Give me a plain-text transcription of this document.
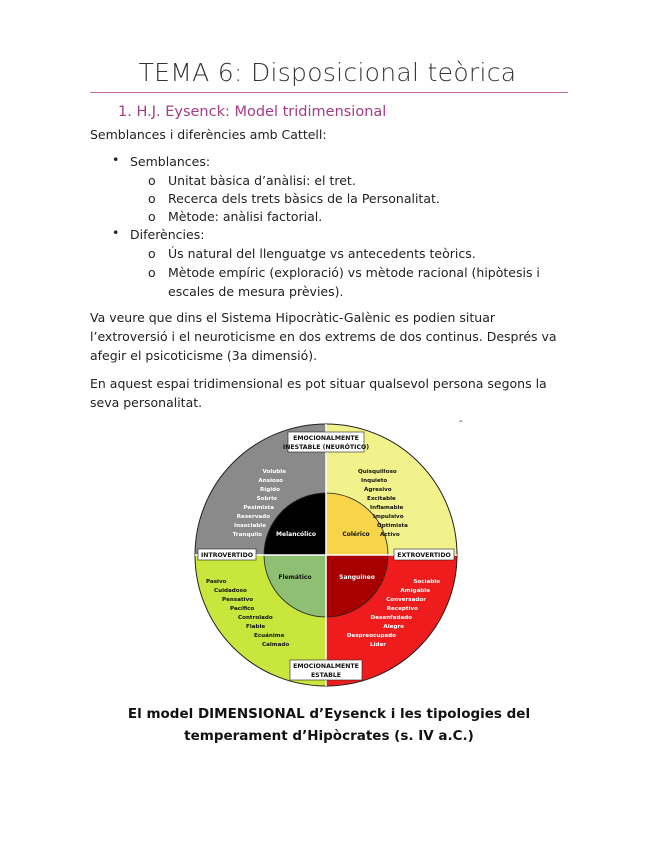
TEMA 6: Disposicional teòrica
1. H.J. Eysenck: Model tridimensional
Semblances i diferències amb Cattell:
• Semblances:
o Unitat bàsica d’anàlisi: el tret.
o Recerca dels trets bàsics de la Personalitat.
o Mètode: anàlisi factorial.
• Diferències:
o Ús natural del llenguatge vs antecedents teòrics.
o Mètode empíric (exploració) vs mètode racional (hipòtesis i escales de mesura prèvies).
Va veure que dins el Sistema Hipocràtic-Galènic es podien situar l’extroversió i el neuroticisme en dos extrems de dos continus. Després va afegir el psicoticisme (3a dimensió).
En aquest espai tridimensional es pot situar qualsevol persona segons la seva personalitat.
-
EMOCIONALMENTE
INESTABLE (NEURÓTICO)
EMOCIONALMENTE
ESTABLE
INTROVERTIDO	EXTROVERTIDO
Melancólico	Colérico
Flemático	Sanguíneo
Voluble
Ansioso
Rígido
Sobrio
Pesimista
Reservado
Insociable
Tranquilo
Quisquilloso
Inquieto
Agresivo
Excitable
Inflamable
Impulsivo
Optimista
Activo
Pasivo
Cuidadoso
Pensativo
Pacífico
Controlado
Fiable
Ecuánime
Calmado
Sociable
Amigable
Conversador
Receptivo
Desenfadado
Alegre
Despreocupado
Líder
El model DIMENSIONAL d’Eysenck i les tipologies del temperament d’Hipòcrates (s. IV a.C.)
